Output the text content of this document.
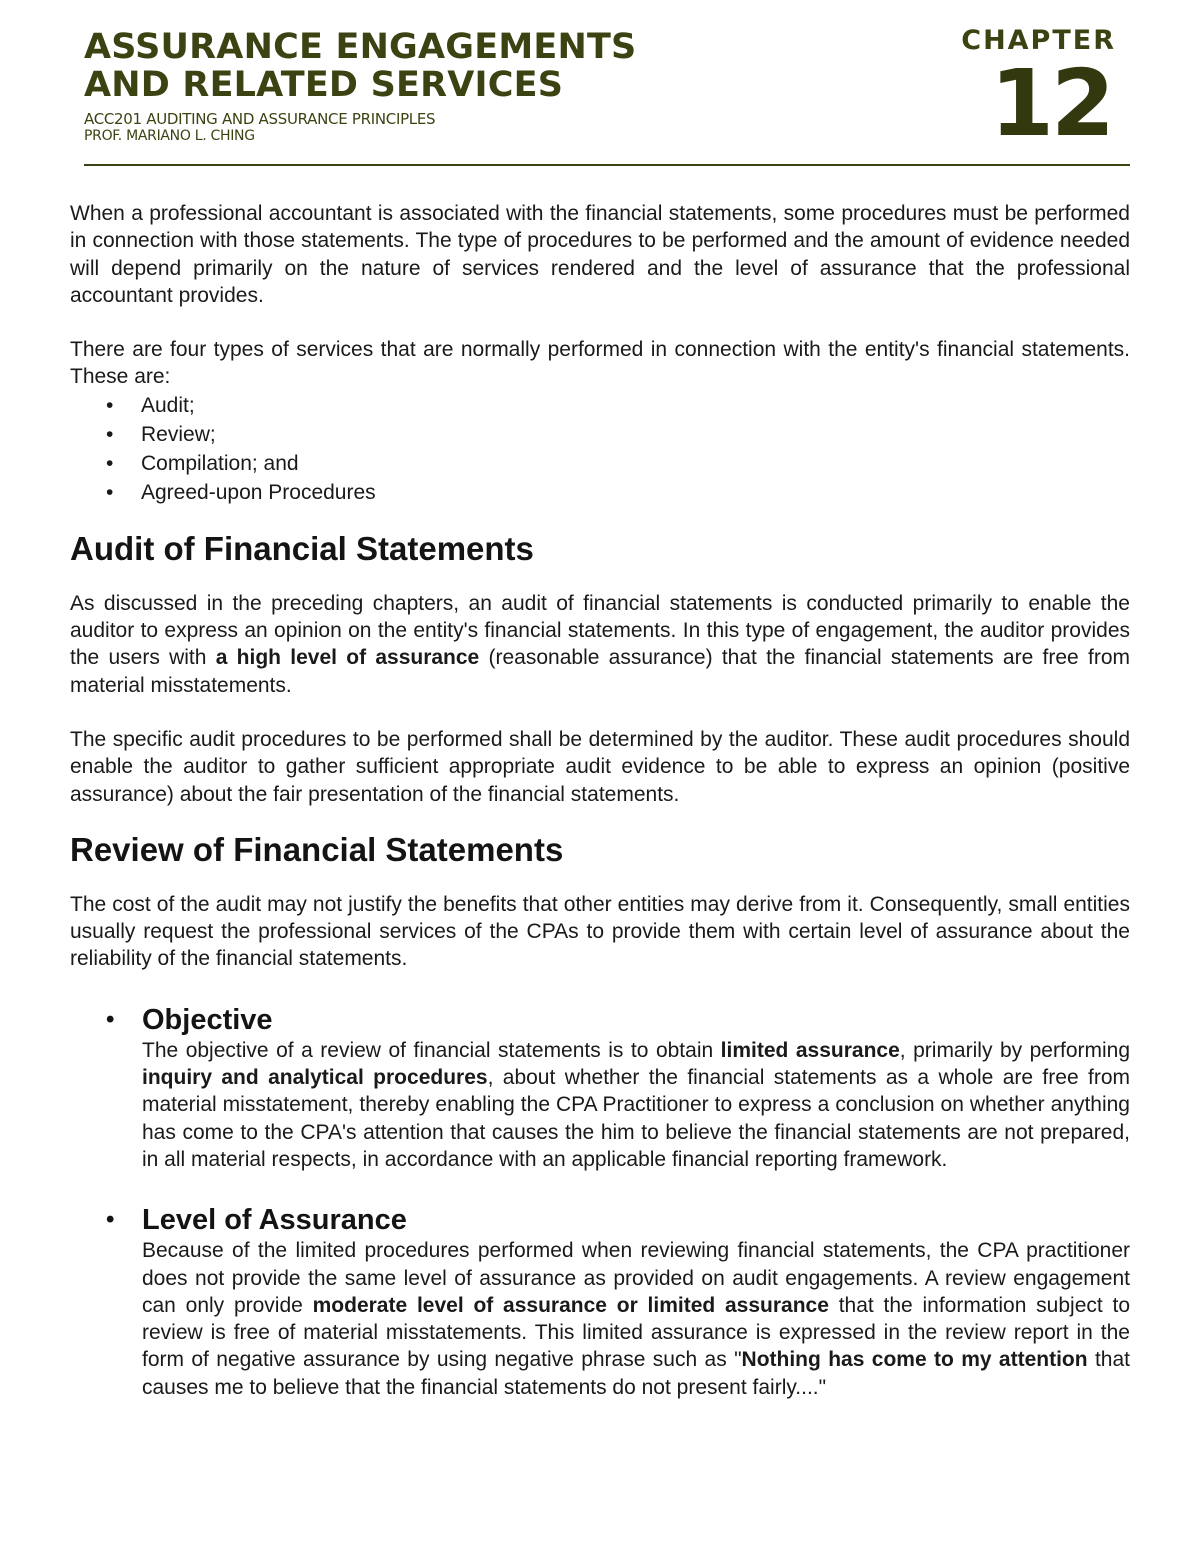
ASSURANCE ENGAGEMENTS
AND RELATED SERVICES
ACC201 AUDITING AND ASSURANCE PRINCIPLES
PROF. MARIANO L. CHING
CHAPTER
12

When a professional accountant is associated with the financial statements, some procedures must be performed in connection with those statements. The type of procedures to be performed and the amount of evidence needed will depend primarily on the nature of services rendered and the level of assurance that the professional accountant provides.

There are four types of services that are normally performed in connection with the entity's financial statements. These are:

• Audit;
• Review;
• Compilation; and
• Agreed-upon Procedures
Audit of Financial Statements

As discussed in the preceding chapters, an audit of financial statements is conducted primarily to enable the auditor to express an opinion on the entity's financial statements. In this type of engagement, the auditor provides the users with a high level of assurance (reasonable assurance) that the financial statements are free from material misstatements.

The specific audit procedures to be performed shall be determined by the auditor. These audit procedures should enable the auditor to gather sufficient appropriate audit evidence to be able to express an opinion (positive assurance) about the fair presentation of the financial statements.

Review of Financial Statements

The cost of the audit may not justify the benefits that other entities may derive from it. Consequently, small entities usually request the professional services of the CPAs to provide them with certain level of assurance about the reliability of the financial statements.

• Objective

The objective of a review of financial statements is to obtain limited assurance, primarily by performing inquiry and analytical procedures, about whether the financial statements as a whole are free from material misstatement, thereby enabling the CPA Practitioner to express a conclusion on whether anything has come to the CPA's attention that causes the him to believe the financial statements are not prepared, in all material respects, in accordance with an applicable financial reporting framework.

• Level of Assurance

Because of the limited procedures performed when reviewing financial statements, the CPA practitioner does not provide the same level of assurance as provided on audit engagements. A review engagement can only provide moderate level of assurance or limited assurance that the information subject to review is free of material misstatements. This limited assurance is expressed in the review report in the form of negative assurance by using negative phrase such as "Nothing has come to my attention that causes me to believe that the financial statements do not present fairly...."
